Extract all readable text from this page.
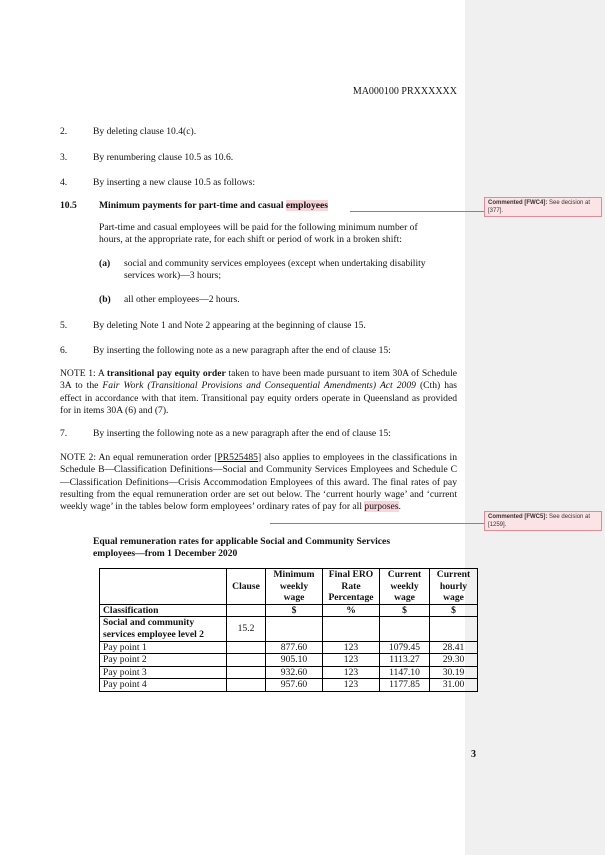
MA000100 PRXXXXXX
2.	By deleting clause 10.4(c).
3.	By renumbering clause 10.5 as 10.6.
4.	By inserting a new clause 10.5 as follows:
10.5 Minimum payments for part-time and casual employees
Part-time and casual employees will be paid for the following minimum number of
hours, at the appropriate rate, for each shift or period of work in a broken shift:
(a) social and community services employees (except when undertaking disability
services work)—3 hours;
(b) all other employees—2 hours.
5.	By deleting Note 1 and Note 2 appearing at the beginning of clause 15.
6.	By inserting the following note as a new paragraph after the end of clause 15:
NOTE 1: A transitional pay equity order taken to have been made pursuant to item 30A of Schedule 3A to the Fair Work (Transitional Provisions and Consequential Amendments) Act 2009 (Cth) has effect in accordance with that item. Transitional pay equity orders operate in Queensland as provided for in items 30A (6) and (7).
7.	By inserting the following note as a new paragraph after the end of clause 15:
NOTE 2: An equal remuneration order [PR525485] also applies to employees in the classifications in Schedule B—Classification Definitions—Social and Community Services Employees and Schedule C—Classification Definitions—Crisis Accommodation Employees of this award. The final rates of pay resulting from the equal remuneration order are set out below. The ‘current hourly wage’ and ‘current weekly wage’ in the tables below form employees’ ordinary rates of pay for all purposes.
Equal remuneration rates for applicable Social and Community Services
employees—from 1 December 2020
	Clause	Minimum weekly wage	Final ERO Rate Percentage	Current weekly wage	Current hourly wage
Classification		$	%	$	$
Social and community services employee level 2	15.2				
Pay point 1		877.60	123	1079.45	28.41
Pay point 2		905.10	123	1113.27	29.30
Pay point 3		932.60	123	1147.10	30.19
Pay point 4		957.60	123	1177.85	31.00
Commented [FWC4]: See decision at [377].
Commented [FWC5]: See decision at [1259].
3
